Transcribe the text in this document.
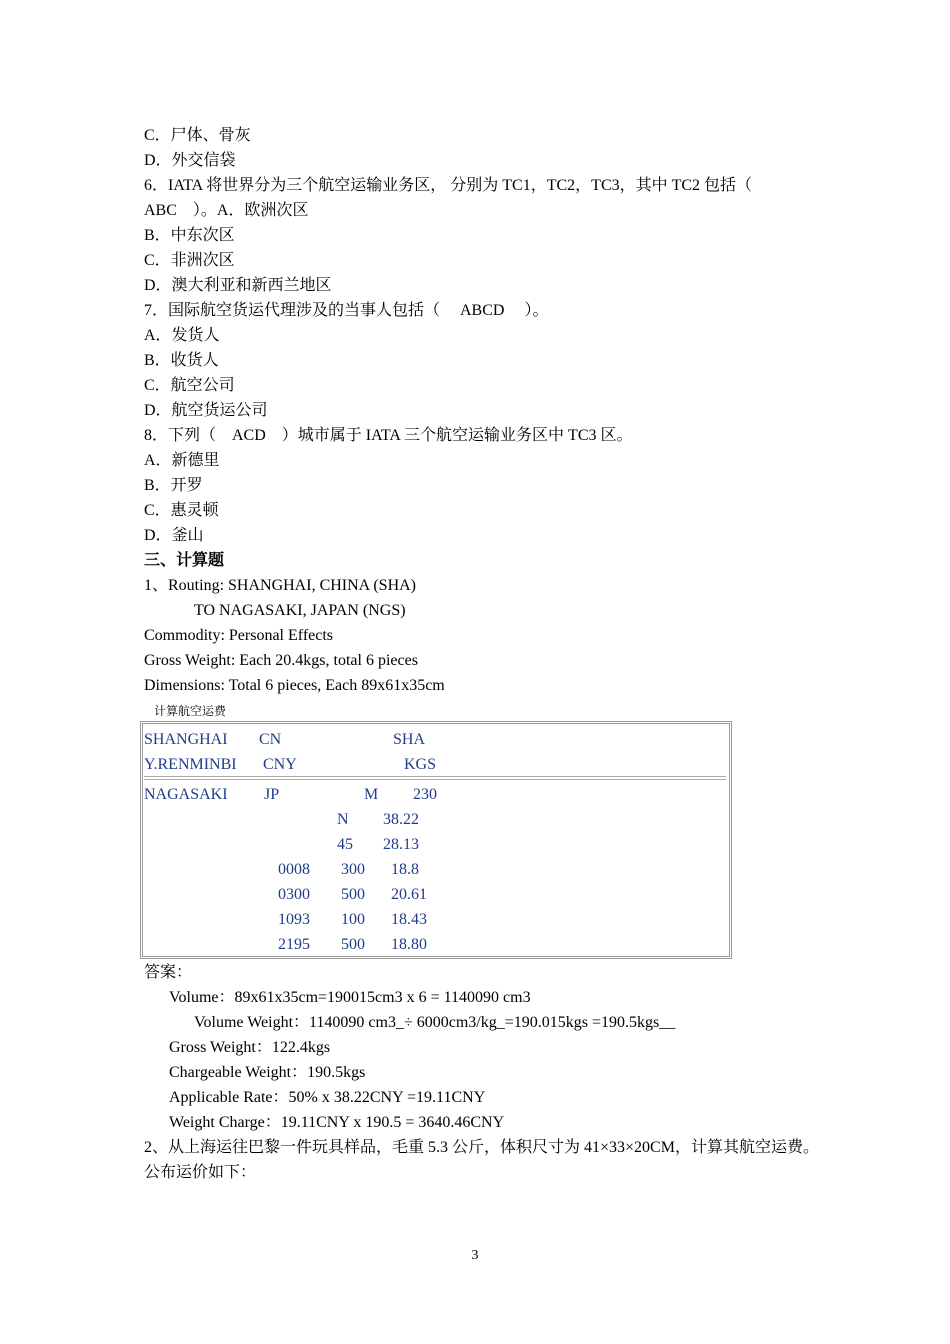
C．尸体、骨灰
D．外交信袋
6．IATA 将世界分为三个航空运输业务区， 分别为 TC1，TC2，TC3，其中 TC2 包括（
ABC    ）。A．欧洲次区
B．中东次区
C．非洲次区
D．澳大利亚和新西兰地区
7．国际航空货运代理涉及的当事人包括（     ABCD     ）。
A．发货人
B．收货人
C．航空公司
D．航空货运公司
8．下列（    ACD    ）城市属于 IATA 三个航空运输业务区中 TC3 区。
A．新德里
B．开罗
C．惠灵顿
D．釜山
三、计算题
1、Routing: SHANGHAI, CHINA (SHA)
TO NAGASAKI, JAPAN (NGS)
Commodity: Personal Effects
Gross Weight: Each 20.4kgs, total 6 pieces
Dimensions: Total 6 pieces, Each 89x61x35cm
计算航空运费
SHANGHAI CN	SHA
Y.RENMINBI CNY	KGS
NAGASAKI JP	M 230
N 38.22
45 28.13
0008 300 18.8
0300 500 20.61
1093 100 18.43
2195 500 18.80
答案：
Volume：89x61x35cm=190015cm3 x 6 = 1140090 cm3
Volume Weight：1140090 cm3_÷ 6000cm3/kg_=190.015kgs =190.5kgs__
Gross Weight：122.4kgs
Chargeable Weight：190.5kgs
Applicable Rate：50% x 38.22CNY =19.11CNY
Weight Charge：19.11CNY x 190.5 = 3640.46CNY
2、从上海运往巴黎一件玩具样品，毛重 5.3 公斤，体积尺寸为 41×33×20CM，计算其航空运费。
公布运价如下：
3
